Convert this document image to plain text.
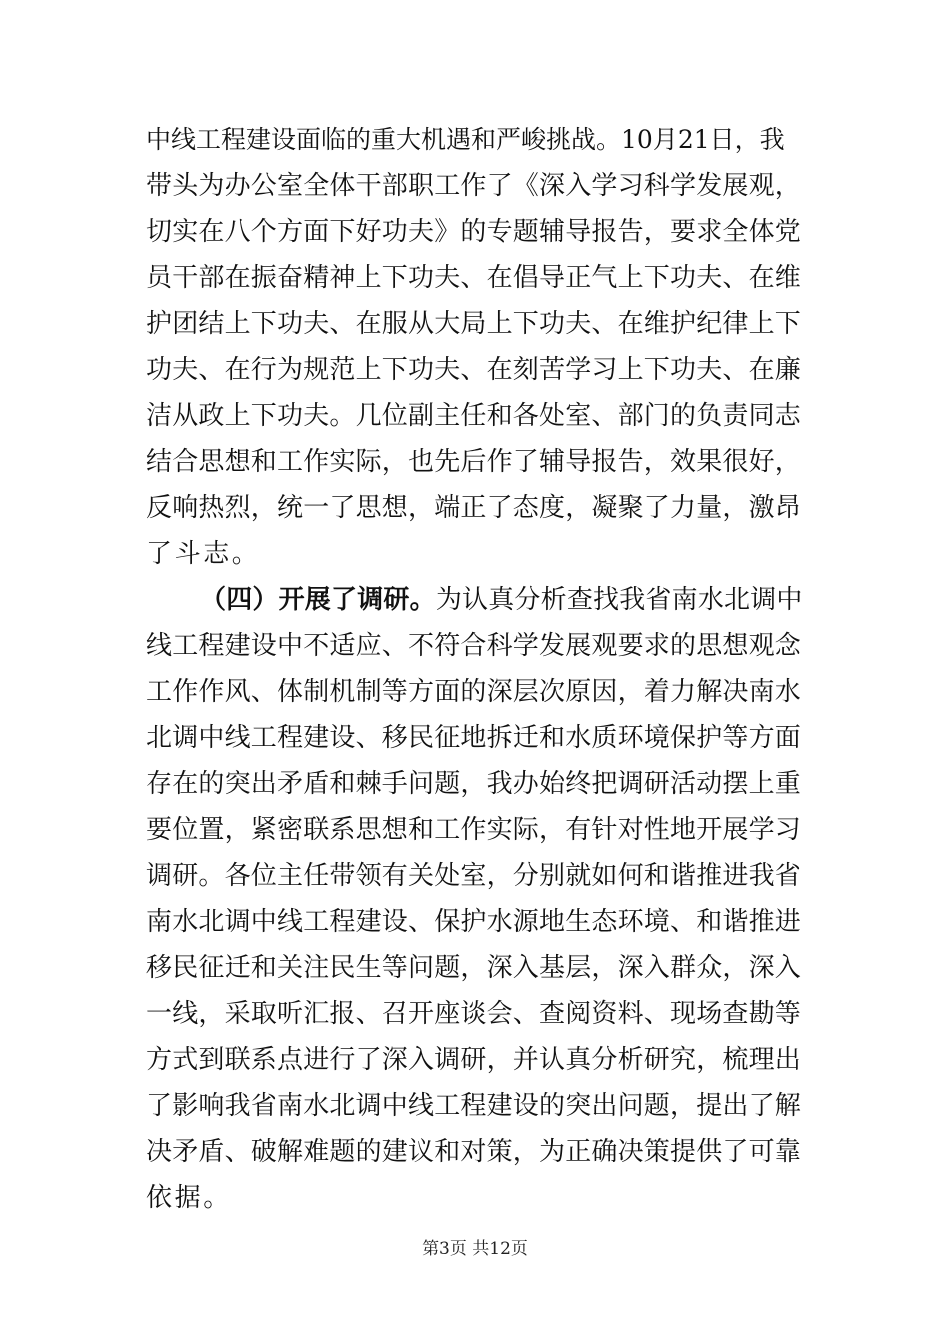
中线工程建设面临的重大机遇和严峻挑战。10月21日，我
带头为办公室全体干部职工作了《深入学习科学发展观，
切实在八个方面下好功夫》的专题辅导报告，要求全体党
员干部在振奋精神上下功夫、在倡导正气上下功夫、在维
护团结上下功夫、在服从大局上下功夫、在维护纪律上下
功夫、在行为规范上下功夫、在刻苦学习上下功夫、在廉
洁从政上下功夫。几位副主任和各处室、部门的负责同志
结合思想和工作实际，也先后作了辅导报告，效果很好，
反响热烈，统一了思想，端正了态度，凝聚了力量，激昂
了斗志。
（四）开展了调研。为认真分析查找我省南水北调中
线工程建设中不适应、不符合科学发展观要求的思想观念
工作作风、体制机制等方面的深层次原因，着力解决南水
北调中线工程建设、移民征地拆迁和水质环境保护等方面
存在的突出矛盾和棘手问题，我办始终把调研活动摆上重
要位置，紧密联系思想和工作实际，有针对性地开展学习
调研。各位主任带领有关处室，分别就如何和谐推进我省
南水北调中线工程建设、保护水源地生态环境、和谐推进
移民征迁和关注民生等问题，深入基层，深入群众，深入
一线，采取听汇报、召开座谈会、查阅资料、现场查勘等
方式到联系点进行了深入调研，并认真分析研究，梳理出
了影响我省南水北调中线工程建设的突出问题，提出了解
决矛盾、破解难题的建议和对策，为正确决策提供了可靠
依据。
第3页 共12页
